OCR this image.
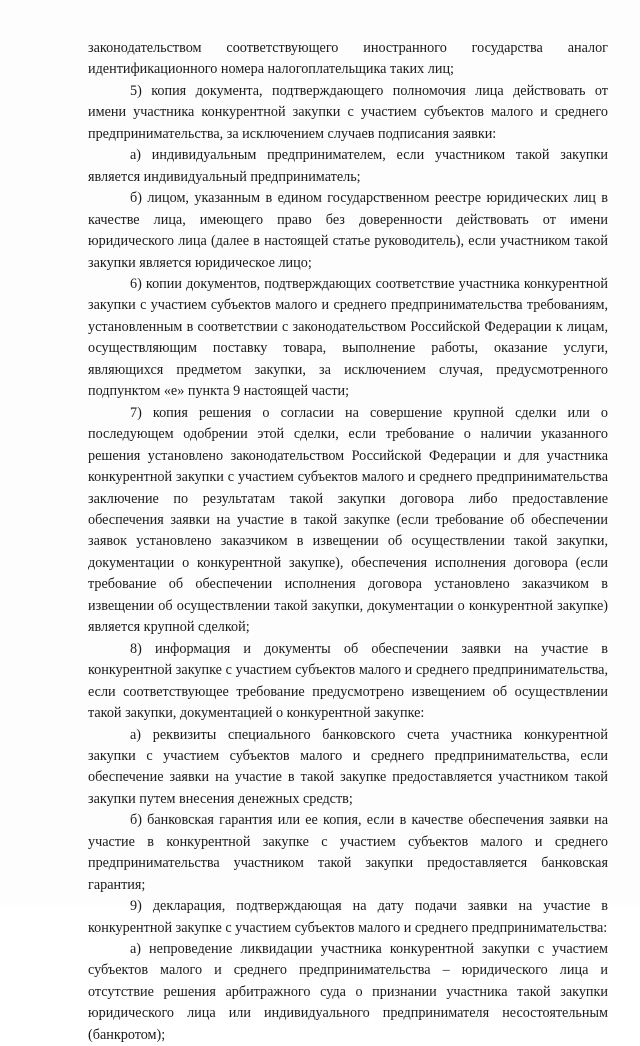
законодательством соответствующего иностранного государства аналог идентификационного номера налогоплательщика таких лиц;

5) копия документа, подтверждающего полномочия лица действовать от имени участника конкурентной закупки с участием субъектов малого и среднего предпринимательства, за исключением случаев подписания заявки:

а) индивидуальным предпринимателем, если участником такой закупки является индивидуальный предприниматель;

б) лицом, указанным в едином государственном реестре юридических лиц в качестве лица, имеющего право без доверенности действовать от имени юридического лица (далее в настоящей статье руководитель), если участником такой закупки является юридическое лицо;

6) копии документов, подтверждающих соответствие участника конкурентной закупки с участием субъектов малого и среднего предпринимательства требованиям, установленным в соответствии с законодательством Российской Федерации к лицам, осуществляющим поставку товара, выполнение работы, оказание услуги, являющихся предметом закупки, за исключением случая, предусмотренного подпунктом «е» пункта 9 настоящей части;

7) копия решения о согласии на совершение крупной сделки или о последующем одобрении этой сделки, если требование о наличии указанного решения установлено законодательством Российской Федерации и для участника конкурентной закупки с участием субъектов малого и среднего предпринимательства заключение по результатам такой закупки договора либо предоставление обеспечения заявки на участие в такой закупке (если требование об обеспечении заявок установлено заказчиком в извещении об осуществлении такой закупки, документации о конкурентной закупке), обеспечения исполнения договора (если требование об обеспечении исполнения договора установлено заказчиком в извещении об осуществлении такой закупки, документации о конкурентной закупке) является крупной сделкой;

8) информация и документы об обеспечении заявки на участие в конкурентной закупке с участием субъектов малого и среднего предпринимательства, если соответствующее требование предусмотрено извещением об осуществлении такой закупки, документацией о конкурентной закупке:

а) реквизиты специального банковского счета участника конкурентной закупки с участием субъектов малого и среднего предпринимательства, если обеспечение заявки на участие в такой закупке предоставляется участником такой закупки путем внесения денежных средств;

б) банковская гарантия или ее копия, если в качестве обеспечения заявки на участие в конкурентной закупке с участием субъектов малого и среднего предпринимательства участником такой закупки предоставляется банковская гарантия;

9) декларация, подтверждающая на дату подачи заявки на участие в конкурентной закупке с участием субъектов малого и среднего предпринимательства:

а) непроведение ликвидации участника конкурентной закупки с участием субъектов малого и среднего предпринимательства – юридического лица и отсутствие решения арбитражного суда о признании участника такой закупки юридического лица или индивидуального предпринимателя несостоятельным (банкротом);
